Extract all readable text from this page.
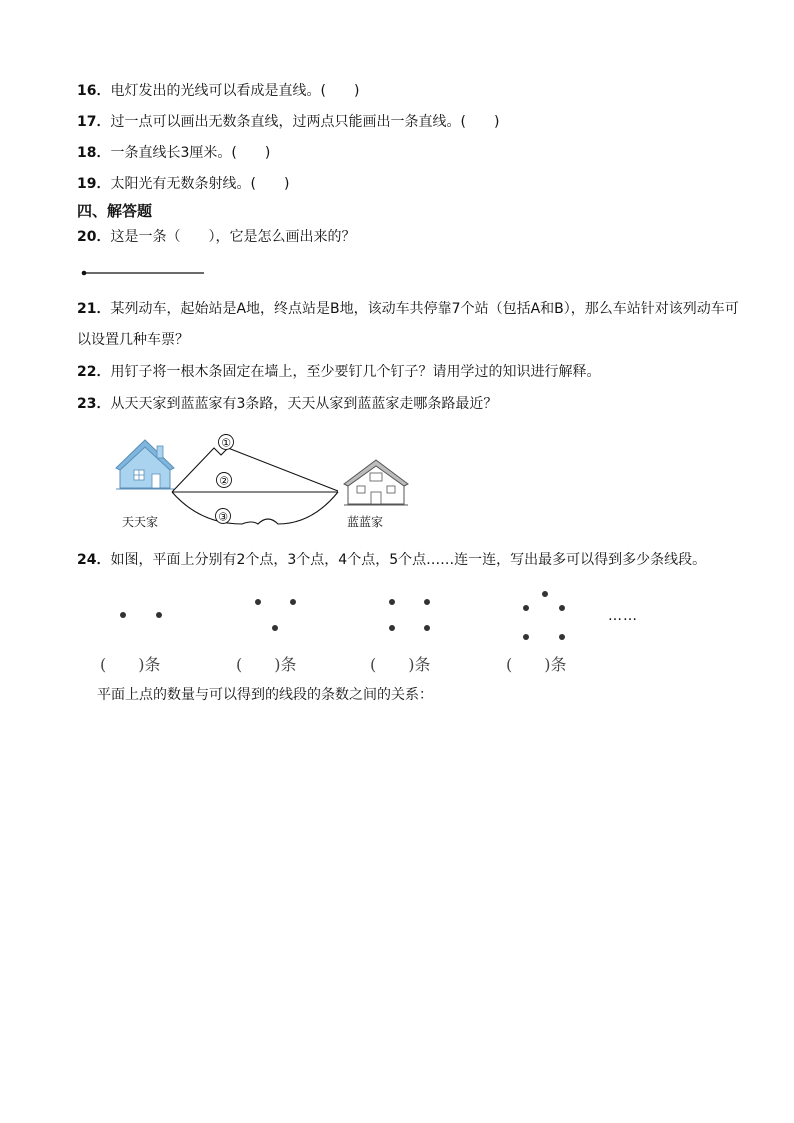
16．电灯发出的光线可以看成是直线。(　　)
17．过一点可以画出无数条直线，过两点只能画出一条直线。(　　)
18．一条直线长3厘米。(　　)
19．太阳光有无数条射线。(　　)
四、解答题
20．这是一条（　　），它是怎么画出来的？
21．某列动车，起始站是A地，终点站是B地，该动车共停靠7个站（包括A和B），那么车站针对该列动车可以设置几种车票？
22．用钉子将一根木条固定在墙上，至少要钉几个钉子？请用学过的知识进行解释。
23．从天天家到蓝蓝家有3条路，天天从家到蓝蓝家走哪条路最近？
①
②
③
天天家	蓝蓝家
24．如图，平面上分别有2个点，3个点，4个点，5个点……连一连，写出最多可以得到多少条线段。
……
(　　)条	(　　)条	(　　)条	(　　)条
平面上点的数量与可以得到的线段的条数之间的关系：
